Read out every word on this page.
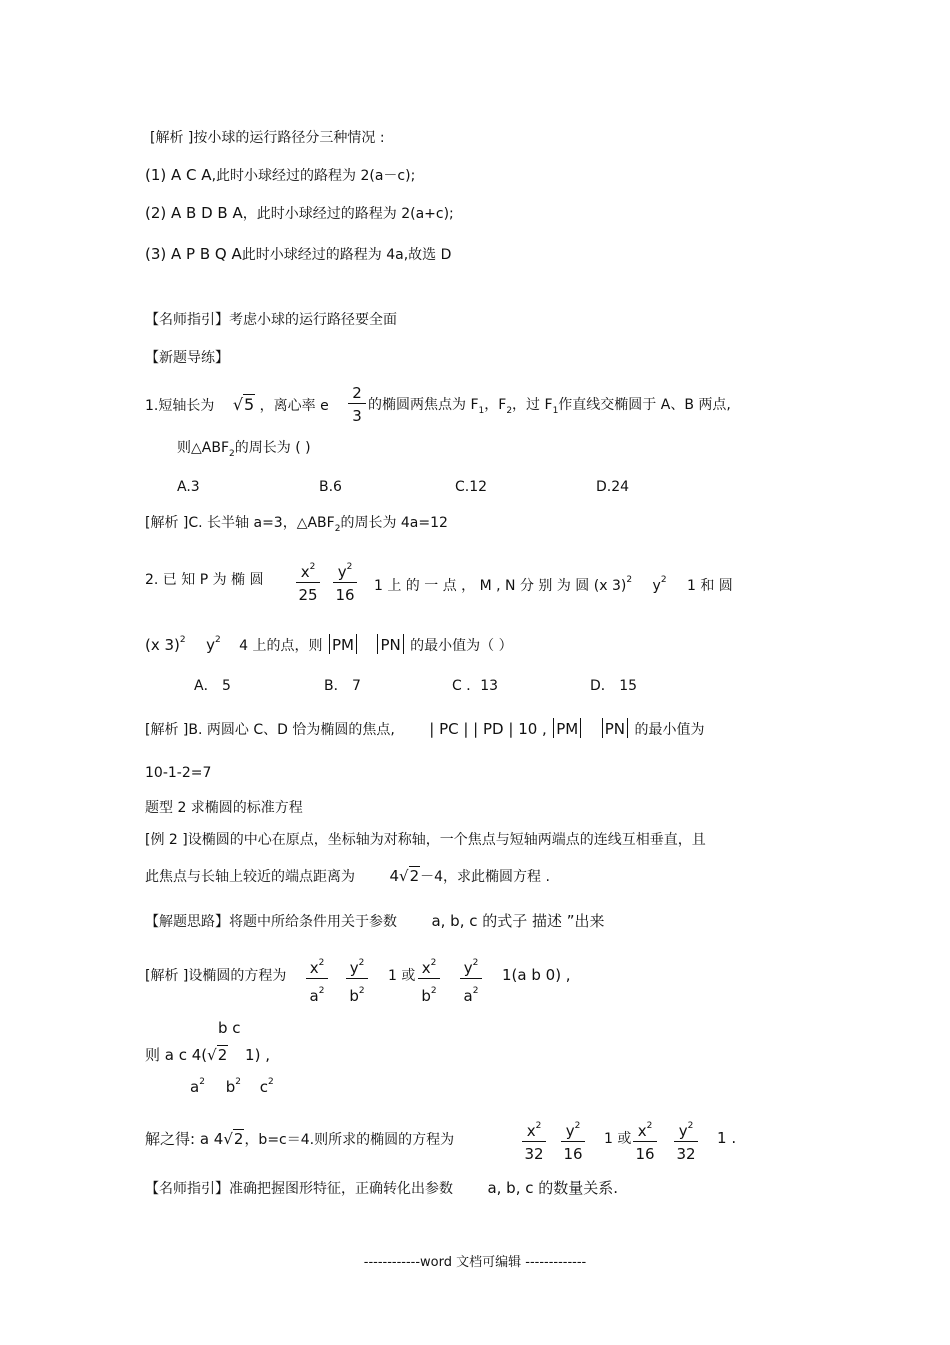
[解析 ]按小球的运行路径分三种情况 :
(1) A C A,此时小球经过的路程为 2(a－c);
(2) A B D B A，此时小球经过的路程为 2(a+c);
(3) A P B Q A此时小球经过的路程为 4a,故选 D
【名师指引】考虑小球的运行路径要全面
【新题导练】
1.短轴长为 √5 ，离心率 e $\frac{2}{3}$ 的椭圆两焦点为 $F_1$，$F_2$，过 $F_1$作直线交椭圆于 A、B 两点,
则$\triangle ABF_2$的周长为 ( )
A.3	B.6	C.12	D.24
[解析 ]C. 长半轴 a=3，$\triangle ABF_2$的周长为 4a=12
2. 已 知 P 为 椭 圆 $\frac{x^2}{25} \frac{y^2}{16} 1$ 上 的 一 点 ， M , N 分 别 为 圆 (x 3)$^2$ $y^2$ 1 和 圆
(x 3)$^2$ $y^2$ 4 上的点，则 PM PN 的最小值为（ ）
A． 5	B． 7	C ．13	D． 15
[解析 ]B. 两圆心 C、D 恰为椭圆的焦点, | PC | | PD | 10 , PM PN 的最小值为
10-1-2=7
题型 2 求椭圆的标准方程
[例 2 ]设椭圆的中心在原点，坐标轴为对称轴，一个焦点与短轴两端点的连线互相垂直，且
此焦点与长轴上较近的端点距离为 4√2－4，求此椭圆方程 .
【解题思路】将题中所给条件用关于参数 a, b, c 的式子 描述 ”出来
[解析 ]设椭圆的方程为 $\frac{x^2}{a^2} \frac{y^2}{b^2} 1$ 或 $\frac{x^2}{b^2} \frac{y^2}{a^2} 1(a$ b 0) ,
b c
则 a c 4(√2 1) ,
$a^2$ $b^2$ $c^2$
解之得: a 4√2，b=c＝4.则所求的椭圆的方程为	$\frac{x^2}{32} \frac{y^2}{16} 1$ 或 $\frac{x^2}{16} \frac{y^2}{32} 1$ .
【名师指引】准确把握图形特征，正确转化出参数 a, b, c 的数量关系.
------------word 文档可编辑 -------------
